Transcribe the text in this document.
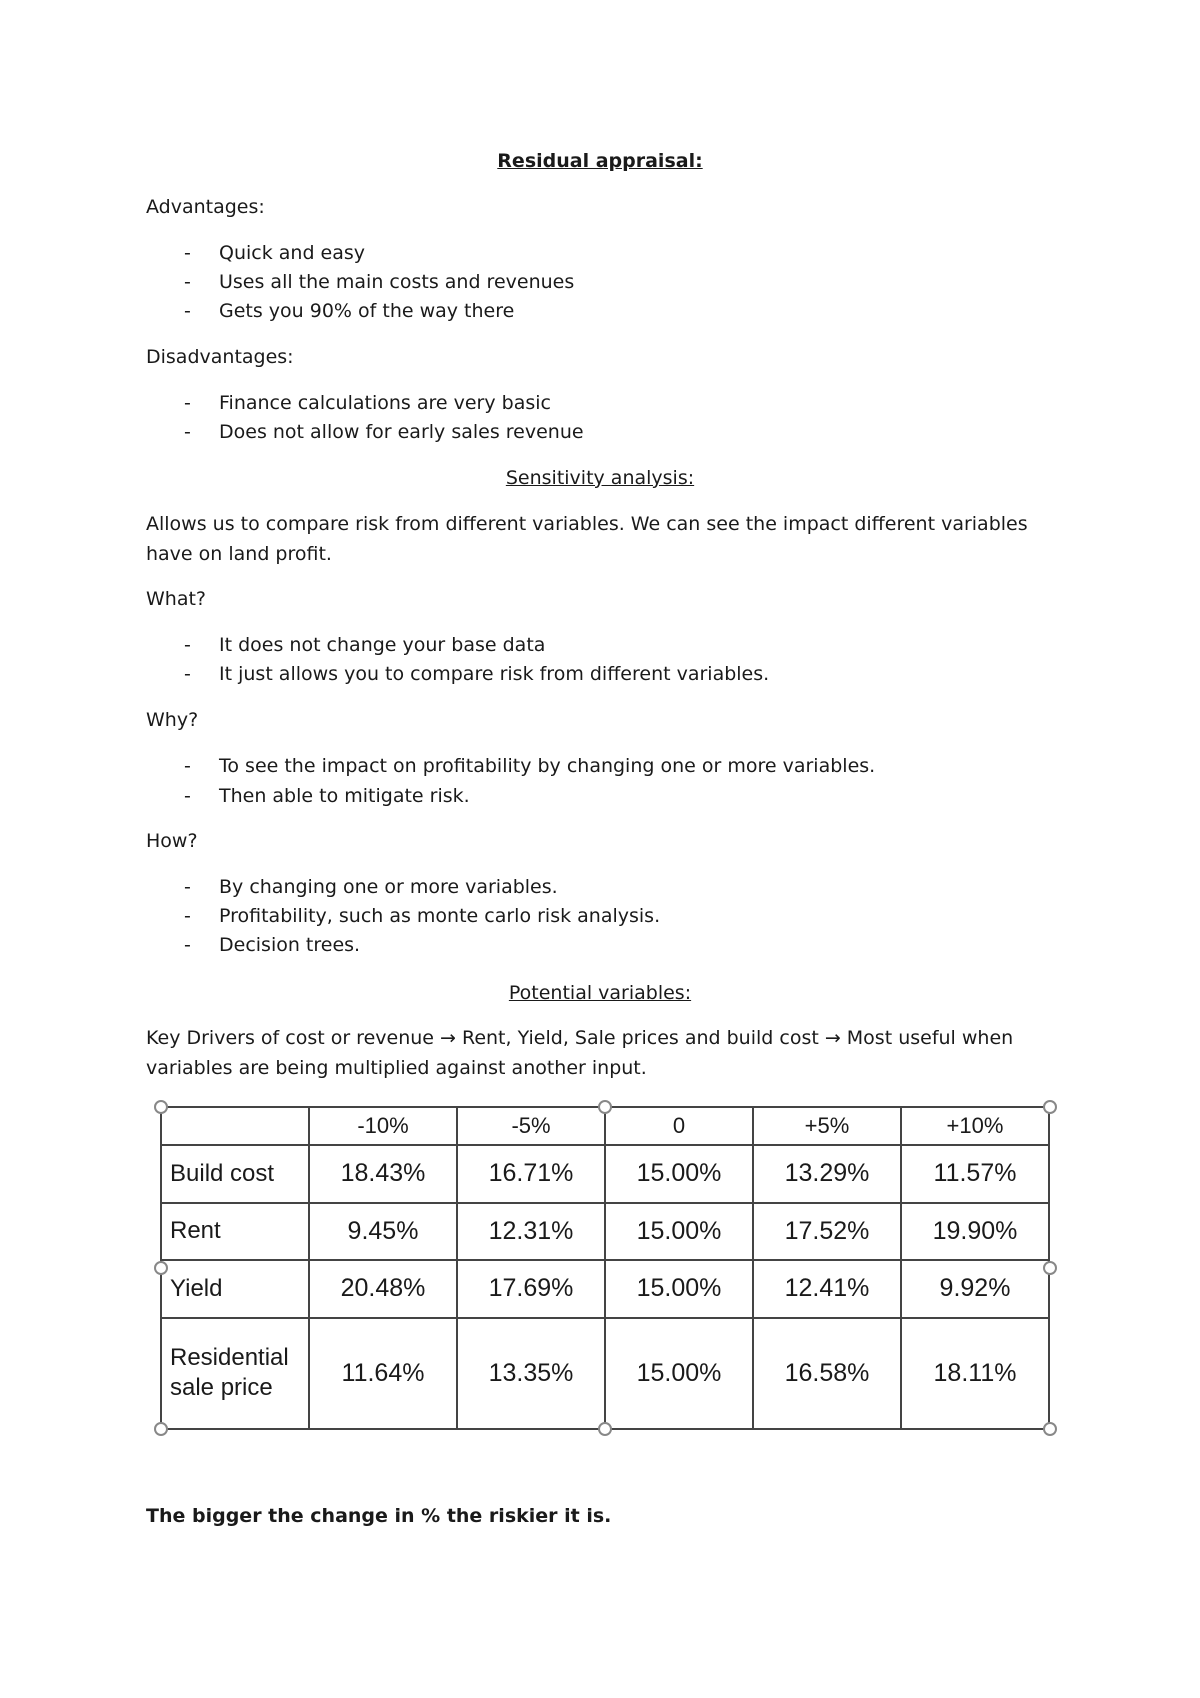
Residual appraisal:
Advantages:
- Quick and easy
- Uses all the main costs and revenues
- Gets you 90% of the way there
Disadvantages:
- Finance calculations are very basic
- Does not allow for early sales revenue
Sensitivity analysis:
Allows us to compare risk from different variables. We can see the impact different variables have on land profit.
What?
- It does not change your base data
- It just allows you to compare risk from different variables.
Why?
- To see the impact on profitability by changing one or more variables.
- Then able to mitigate risk.
How?
- By changing one or more variables.
- Profitability, such as monte carlo risk analysis.
- Decision trees.
Potential variables:
Key Drivers of cost or revenue → Rent, Yield, Sale prices and build cost → Most useful when variables are being multiplied against another input.
	-10%	-5%	0	+5%	+10%
Build cost	18.43%	16.71%	15.00%	13.29%	11.57%
Rent	9.45%	12.31%	15.00%	17.52%	19.90%
Yield	20.48%	17.69%	15.00%	12.41%	9.92%
Residential sale price	11.64%	13.35%	15.00%	16.58%	18.11%
The bigger the change in % the riskier it is.
